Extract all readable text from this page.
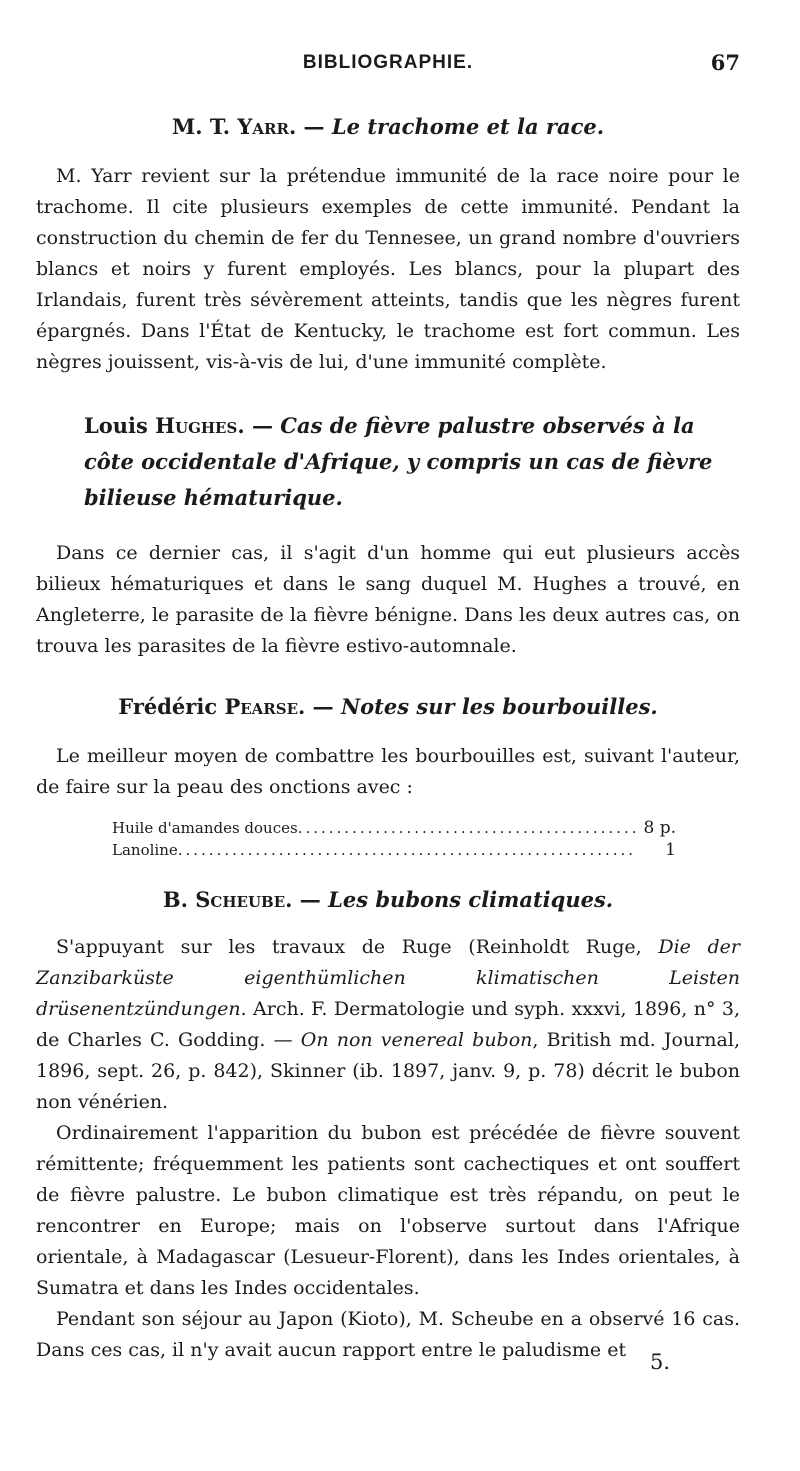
BIBLIOGRAPHIE.	67
M. T. Yarr. — Le trachome et la race.

M. Yarr revient sur la prétendue immunité de la race noire pour le trachome. Il cite plusieurs exemples de cette immunité. Pendant la construction du chemin de fer du Tennesee, un grand nombre d'ouvriers blancs et noirs y furent employés. Les blancs, pour la plupart des Irlandais, furent très sévèrement atteints, tandis que les nègres furent épargnés. Dans l'État de Kentucky, le trachome est fort commun. Les nègres jouissent, vis-à-vis de lui, d'une immunité complète.

Louis Hughes. — Cas de fièvre palustre observés à la côte occidentale d'Afrique, y compris un cas de fièvre bilieuse hématurique.

Dans ce dernier cas, il s'agit d'un homme qui eut plusieurs accès bilieux hématuriques et dans le sang duquel M. Hughes a trouvé, en Angleterre, le parasite de la fièvre bénigne. Dans les deux autres cas, on trouva les parasites de la fièvre estivo-automnale.

Frédéric Pearse. — Notes sur les bourbouilles.

Le meilleur moyen de combattre les bourbouilles est, suivant l'auteur, de faire sur la peau des onctions avec :

Huile d'amandes douces .....	8 p.
Lanoline .....	1
B. Scheube. — Les bubons climatiques.

S'appuyant sur les travaux de Ruge (Reinholdt Ruge, Die der Zanzibarküste eigenthümlichen klimatischen Leisten drüsenentzündungen. Arch. F. Dermatologie und syph. xxxvi, 1896, n° 3, de Charles C. Godding. — On non venereal bubon, British md. Journal, 1896, sept. 26, p. 842), Skinner (ib. 1897, janv. 9, p. 78) décrit le bubon non vénérien.

Ordinairement l'apparition du bubon est précédée de fièvre souvent rémittente; fréquemment les patients sont cachectiques et ont souffert de fièvre palustre. Le bubon climatique est très répandu, on peut le rencontrer en Europe; mais on l'observe surtout dans l'Afrique orientale, à Madagascar (Lesueur-Florent), dans les Indes orientales, à Sumatra et dans les Indes occidentales.

Pendant son séjour au Japon (Kioto), M. Scheube en a observé 16 cas. Dans ces cas, il n'y avait aucun rapport entre le paludisme et	5.
